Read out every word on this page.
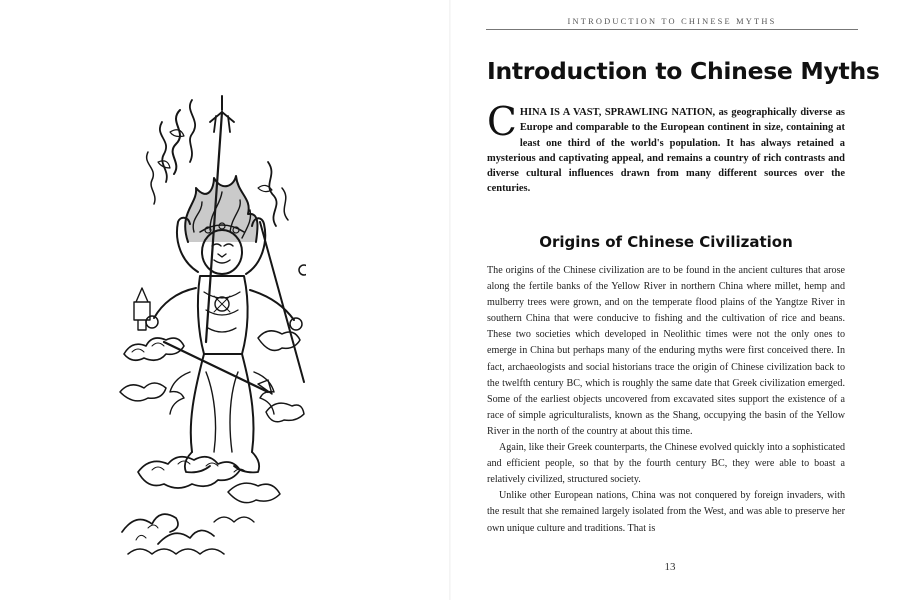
INTRODUCTION TO CHINESE MYTHS
Introduction to Chinese Myths
CHINA IS A VAST, SPRAWLING NATION, as geographically diverse as Europe and comparable to the European continent in size, containing at least one third of the world's population. It has always retained a mysterious and captivating appeal, and remains a country of rich contrasts and diverse cultural influences drawn from many different sources over the centuries.
Origins of Chinese Civilization

The origins of the Chinese civilization are to be found in the ancient cultures that arose along the fertile banks of the Yellow River in northern China where millet, hemp and mulberry trees were grown, and on the temperate flood plains of the Yangtze River in southern China that were conducive to fishing and the cultivation of rice and beans. These two societies which developed in Neolithic times were not the only ones to emerge in China but perhaps many of the enduring myths were first conceived there. In fact, archaeologists and social historians trace the origin of Chinese civilization back to the twelfth century BC, which is roughly the same date that Greek civilization emerged. Some of the earliest objects uncovered from excavated sites support the existence of a race of simple agriculturalists, known as the Shang, occupying the basin of the Yellow River in the north of the country at about this time.

Again, like their Greek counterparts, the Chinese evolved quickly into a sophisticated and efficient people, so that by the fourth century BC, they were able to boast a relatively civilized, structured society.

Unlike other European nations, China was not conquered by foreign invaders, with the result that she remained largely isolated from the West, and was able to preserve her own unique culture and traditions. That is

13
